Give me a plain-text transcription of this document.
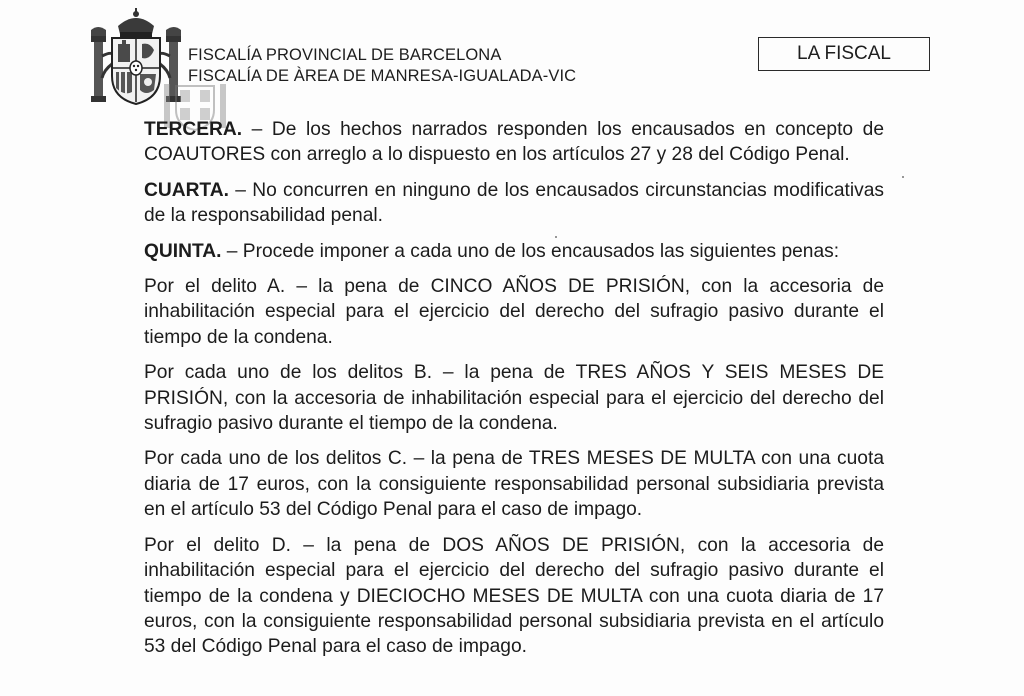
FISCALÍA PROVINCIAL DE BARCELONA
FISCALÍA DE ÀREA DE MANRESA-IGUALADA-VIC
LA FISCAL

TERCERA. – De los hechos narrados responden los encausados en concepto de COAUTORES con arreglo a lo dispuesto en los artículos 27 y 28 del Código Penal.

CUARTA. – No concurren en ninguno de los encausados circunstancias modificativas de la responsabilidad penal.

QUINTA. – Procede imponer a cada uno de los encausados las siguientes penas:

Por el delito A. – la pena de CINCO AÑOS DE PRISIÓN, con la accesoria de inhabilitación especial para el ejercicio del derecho del sufragio pasivo durante el tiempo de la condena.

Por cada uno de los delitos B. – la pena de TRES AÑOS Y SEIS MESES DE PRISIÓN, con la accesoria de inhabilitación especial para el ejercicio del derecho del sufragio pasivo durante el tiempo de la condena.

Por cada uno de los delitos C. – la pena de TRES MESES DE MULTA con una cuota diaria de 17 euros, con la consiguiente responsabilidad personal subsidiaria prevista en el artículo 53 del Código Penal para el caso de impago.

Por el delito D. – la pena de DOS AÑOS DE PRISIÓN, con la accesoria de inhabilitación especial para el ejercicio del derecho del sufragio pasivo durante el tiempo de la condena y DIECIOCHO MESES DE MULTA con una cuota diaria de 17 euros, con la consiguiente responsabilidad personal subsidiaria prevista en el artículo 53 del Código Penal para el caso de impago.
